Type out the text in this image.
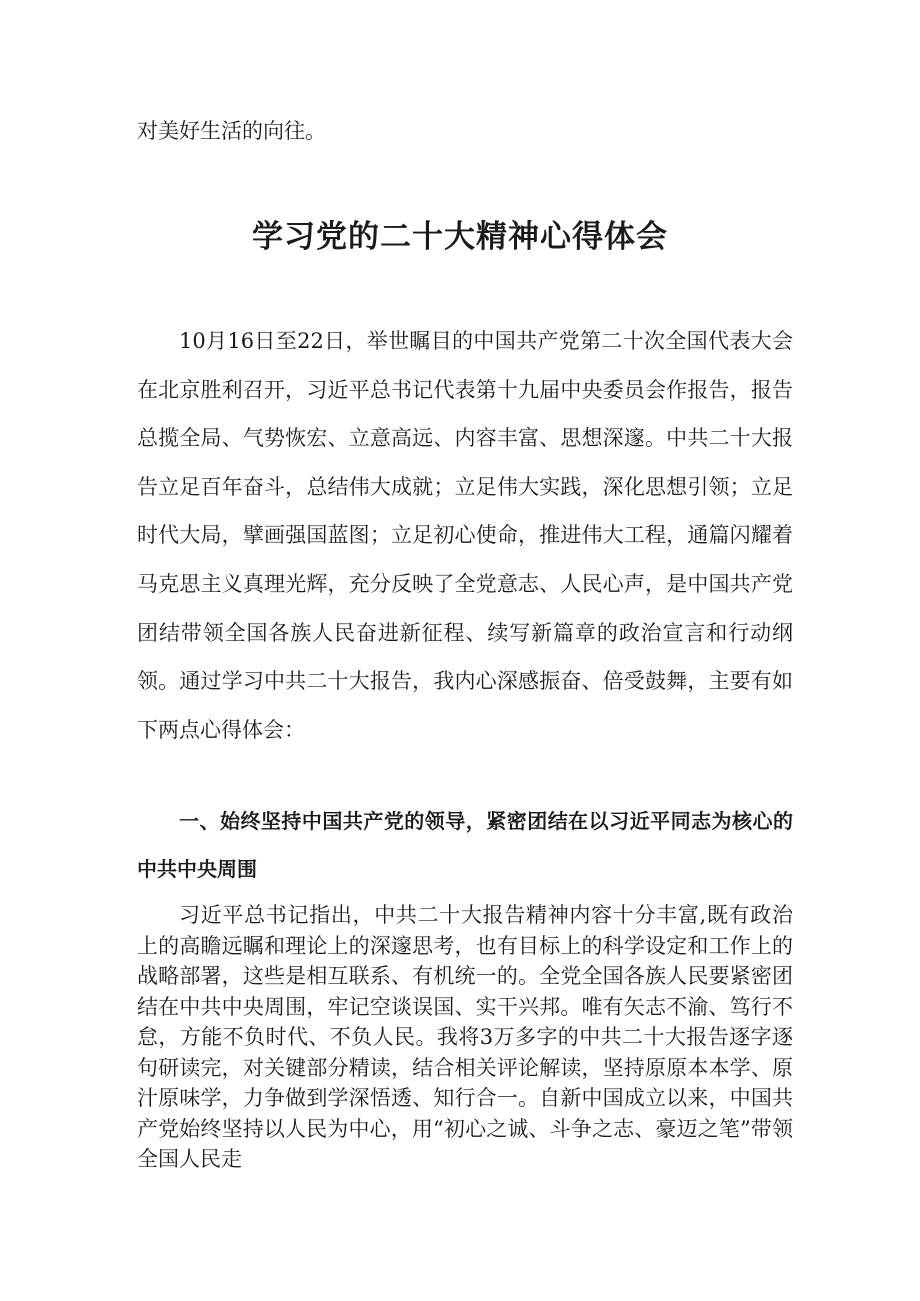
对美好生活的向往。

学习党的二十大精神心得体会

10月16日至22日，举世瞩目的中国共产党第二十次全国代表大会在北京胜利召开，习近平总书记代表第十九届中央委员会作报告，报告总揽全局、气势恢宏、立意高远、内容丰富、思想深邃。中共二十大报告立足百年奋斗，总结伟大成就；立足伟大实践，深化思想引领；立足时代大局，擘画强国蓝图；立足初心使命，推进伟大工程，通篇闪耀着马克思主义真理光辉，充分反映了全党意志、人民心声，是中国共产党团结带领全国各族人民奋进新征程、续写新篇章的政治宣言和行动纲领。通过学习中共二十大报告，我内心深感振奋、倍受鼓舞，主要有如下两点心得体会：

一、始终坚持中国共产党的领导，紧密团结在以习近平同志为核心的中共中央周围

习近平总书记指出，中共二十大报告精神内容十分丰富,既有政治上的高瞻远瞩和理论上的深邃思考，也有目标上的科学设定和工作上的战略部署，这些是相互联系、有机统一的。全党全国各族人民要紧密团结在中共中央周围，牢记空谈误国、实干兴邦。唯有矢志不渝、笃行不怠，方能不负时代、不负人民。我将3万多字的中共二十大报告逐字逐句研读完，对关键部分精读，结合相关评论解读，坚持原原本本学、原汁原味学，力争做到学深悟透、知行合一。自新中国成立以来，中国共产党始终坚持以人民为中心，用“初心之诚、斗争之志、豪迈之笔”带领全国人民走
